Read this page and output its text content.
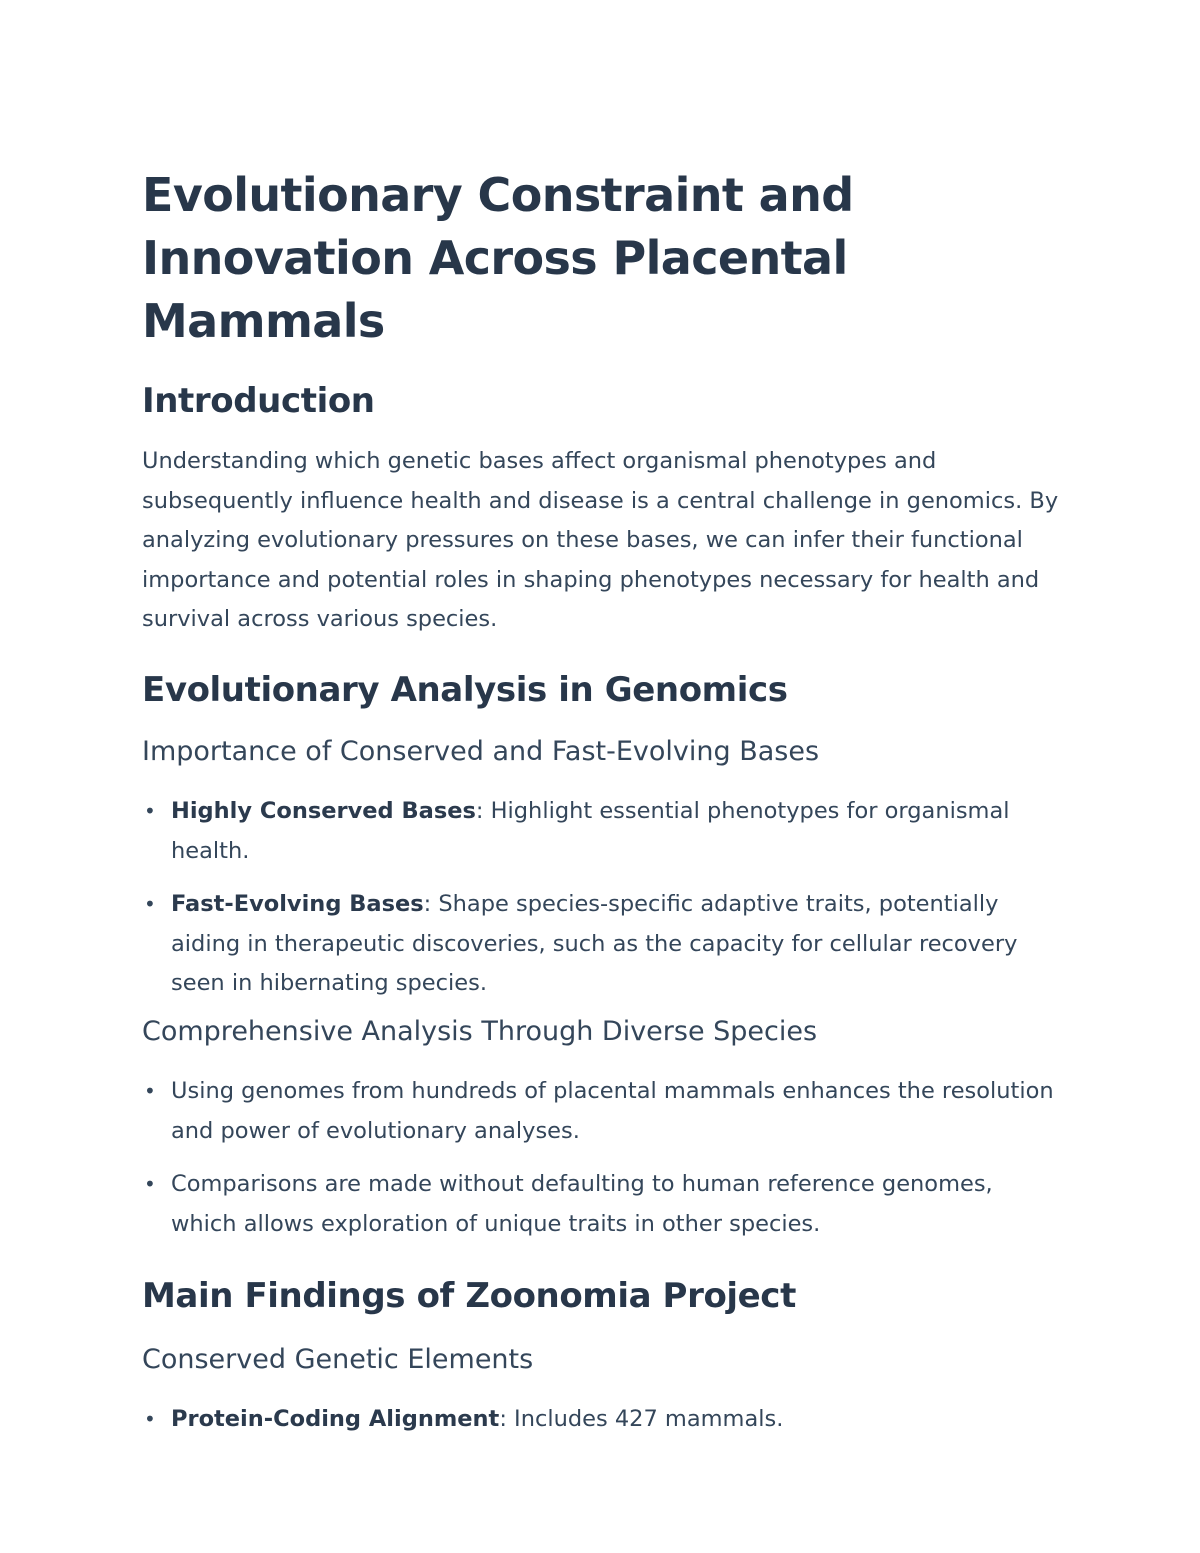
Evolutionary Constraint and Innovation Across Placental Mammals
Introduction

Understanding which genetic bases affect organismal phenotypes and subsequently influence health and disease is a central challenge in genomics. By analyzing evolutionary pressures on these bases, we can infer their functional importance and potential roles in shaping phenotypes necessary for health and survival across various species.

Evolutionary Analysis in Genomics
Importance of Conserved and Fast-Evolving Bases
• Highly Conserved Bases: Highlight essential phenotypes for organismal health.
• Fast-Evolving Bases: Shape species-specific adaptive traits, potentially aiding in therapeutic discoveries, such as the capacity for cellular recovery seen in hibernating species.
Comprehensive Analysis Through Diverse Species
• Using genomes from hundreds of placental mammals enhances the resolution and power of evolutionary analyses.
• Comparisons are made without defaulting to human reference genomes, which allows exploration of unique traits in other species.
Main Findings of Zoonomia Project
Conserved Genetic Elements
• Protein-Coding Alignment: Includes 427 mammals.
